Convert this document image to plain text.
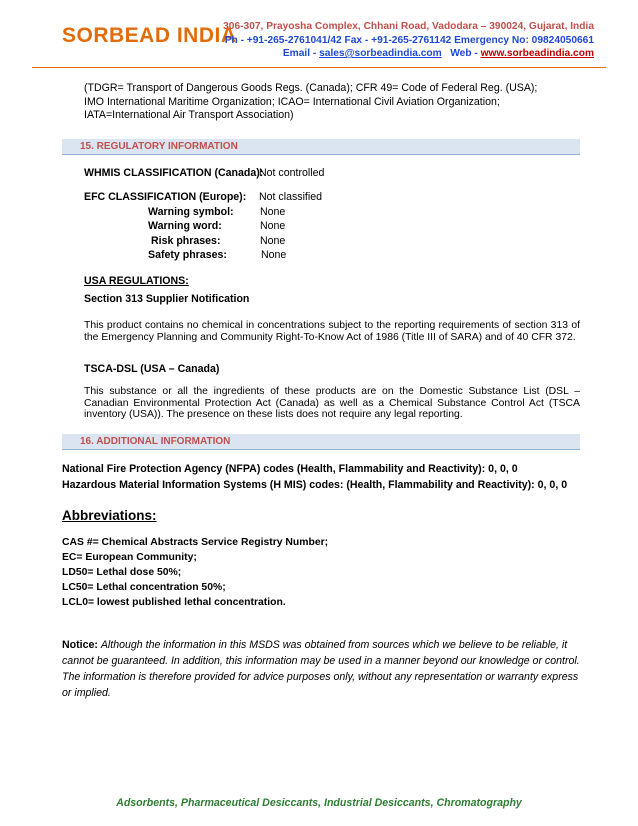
SORBEAD INDIA
306-307, Prayosha Complex, Chhani Road, Vadodara – 390024, Gujarat, India
Ph - +91-265-2761041/42 Fax - +91-265-2761142 Emergency No: 09824050661
Email - sales@sorbeadindia.com Web - www.sorbeadindia.com
(TDGR= Transport of Dangerous Goods Regs. (Canada); CFR 49= Code of Federal Reg. (USA);
IMO International Maritime Organization; ICAO= International Civil Aviation Organization;
IATA=International Air Transport Association)
15. REGULATORY INFORMATION
WHMIS CLASSIFICATION (Canada):
Not controlled
EFC CLASSIFICATION (Europe): Not classified
Warning symbol: None
Warning word:	None
Risk phrases:	None
Safety phrases:	None
USA REGULATIONS:
Section 313 Supplier Notification
This product contains no chemical in concentrations subject to the reporting requirements of section 313 of the Emergency Planning and Community Right-To-Know Act of 1986 (Title III of SARA) and of 40 CFR 372.
TSCA-DSL (USA – Canada)
This substance or all the ingredients of these products are on the Domestic Substance List (DSL – Canadian Environmental Protection Act (Canada) as well as a Chemical Substance Control Act (TSCA inventory (USA)). The presence on these lists does not require any legal reporting.
16. ADDITIONAL INFORMATION
National Fire Protection Agency (NFPA) codes (Health, Flammability and Reactivity): 0, 0, 0
Hazardous Material Information Systems (H MIS) codes: (Health, Flammability and Reactivity): 0, 0, 0
Abbreviations:
CAS #= Chemical Abstracts Service Registry Number;
EC= European Community;
LD50= Lethal dose 50%;
LC50= Lethal concentration 50%;
LCL0= lowest published lethal concentration.
Notice: Although the information in this MSDS was obtained from sources which we believe to be reliable, it cannot be guaranteed. In addition, this information may be used in a manner beyond our knowledge or control. The information is therefore provided for advice purposes only, without any representation or warranty express or implied.
Adsorbents, Pharmaceutical Desiccants, Industrial Desiccants, Chromatography
